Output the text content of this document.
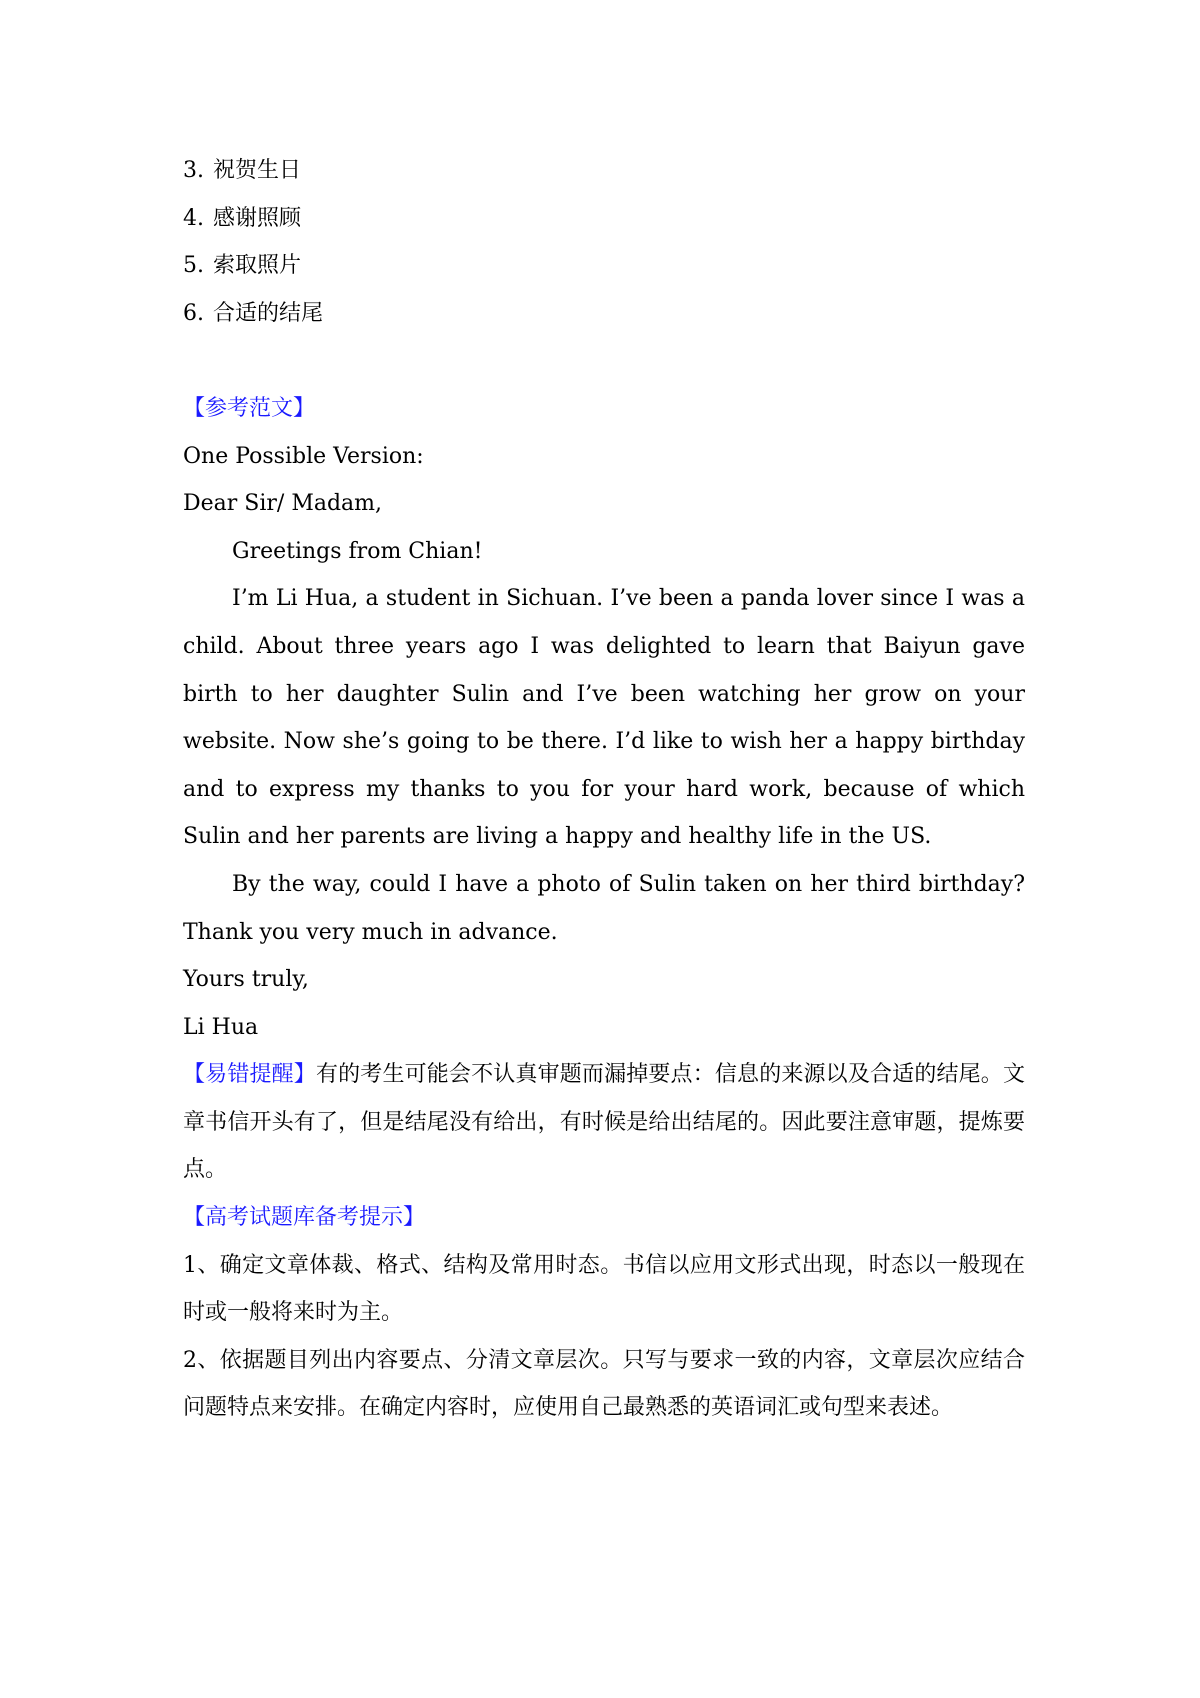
3. 祝贺生日
4. 感谢照顾
5. 索取照片
6. 合适的结尾
【参考范文】
One Possible Version:
Dear Sir/ Madam,
Greetings from Chian!
I’m Li Hua, a student in Sichuan. I’ve been a panda lover since I was a child. About three years ago I was delighted to learn that Baiyun gave birth to her daughter Sulin and I’ve been watching her grow on your website. Now she’s going to be there. I’d like to wish her a happy birthday and to express my thanks to you for your hard work, because of which Sulin and her parents are living a happy and healthy life in the US.
By the way, could I have a photo of Sulin taken on her third birthday? Thank you very much in advance.
Yours truly,
Li Hua
【易错提醒】有的考生可能会不认真审题而漏掉要点：信息的来源以及合适的结尾。文章书信开头有了，但是结尾没有给出，有时候是给出结尾的。因此要注意审题，提炼要点。
【高考试题库备考提示】
1、确定文章体裁、格式、结构及常用时态。书信以应用文形式出现，时态以一般现在时或一般将来时为主。
2、依据题目列出内容要点、分清文章层次。只写与要求一致的内容，文章层次应结合问题特点来安排。在确定内容时，应使用自己最熟悉的英语词汇或句型来表述。
